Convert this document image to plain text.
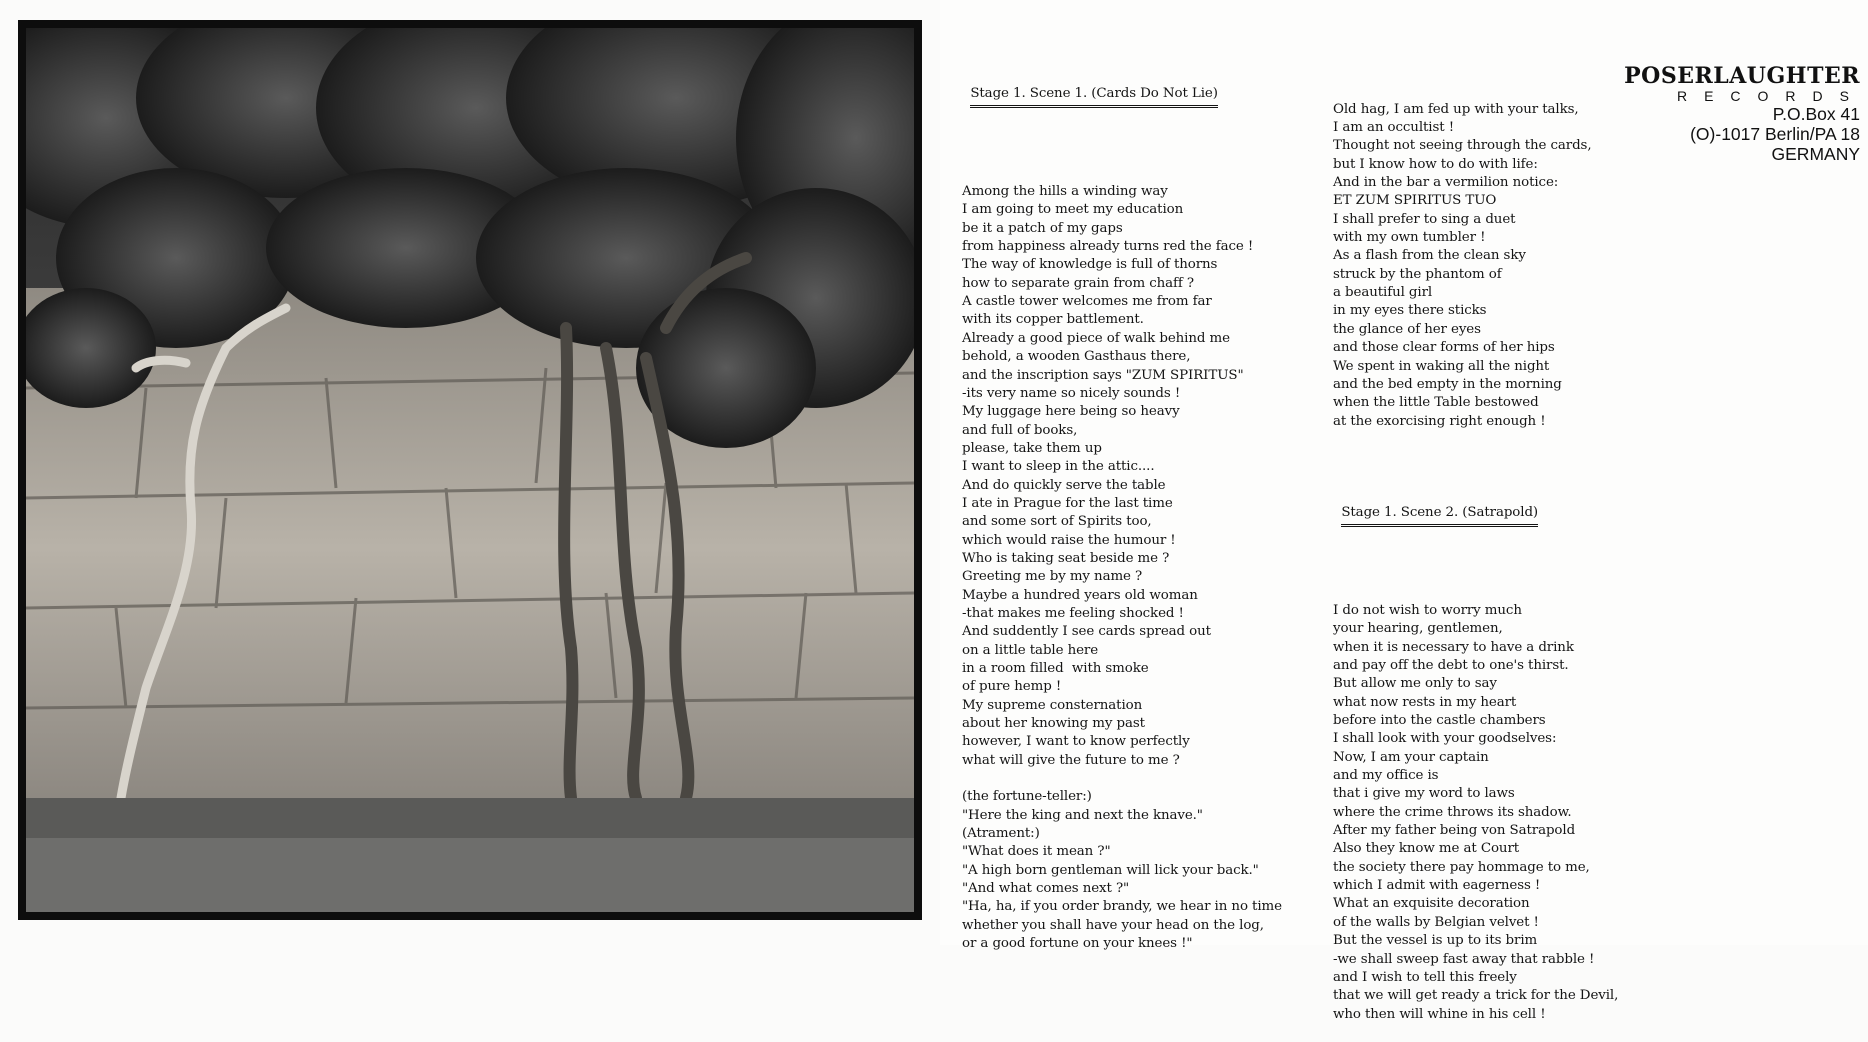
Stage 1. Scene 1. (Cards Do Not Lie)

Among the hills a winding way
I am going to meet my education
be it a patch of my gaps
from happiness already turns red the face !
The way of knowledge is full of thorns
how to separate grain from chaff ?
A castle tower welcomes me from far
with its copper battlement.
Already a good piece of walk behind me
behold, a wooden Gasthaus there,
and the inscription says "ZUM SPIRITUS"
-its very name so nicely sounds !
My luggage here being so heavy
and full of books,
please, take them up
I want to sleep in the attic....
And do quickly serve the table
I ate in Prague for the last time
and some sort of Spirits too,
which would raise the humour !
Who is taking seat beside me ?
Greeting me by my name ?
Maybe a hundred years old woman
-that makes me feeling shocked !
And suddently I see cards spread out
on a little table here
in a room filled  with smoke
of pure hemp !
My supreme consternation
about her knowing my past
however, I want to know perfectly
what will give the future to me ?
(the fortune-teller:)
"Here the king and next the knave."
(Atrament:)
"What does it mean ?"
"A high born gentleman will lick your back."
"And what comes next ?"
"Ha, ha, if you order brandy, we hear in no time
whether you shall have your head on the log,
or a good fortune on your knees !"

Old hag, I am fed up with your talks,
I am an occultist !
Thought not seeing through the cards,
but I know how to do with life:
And in the bar a vermilion notice:
ET ZUM SPIRITUS TUO
I shall prefer to sing a duet
with my own tumbler !
As a flash from the clean sky
struck by the phantom of
a beautiful girl
in my eyes there sticks
the glance of her eyes
and those clear forms of her hips
We spent in waking all the night
and the bed empty in the morning
when the little Table bestowed
at the exorcising right enough !

Stage 1. Scene 2. (Satrapold)

I do not wish to worry much
your hearing, gentlemen,
when it is necessary to have a drink
and pay off the debt to one's thirst.
But allow me only to say
what now rests in my heart
before into the castle chambers
I shall look with your goodselves:
Now, I am your captain
and my office is
that i give my word to laws
where the crime throws its shadow.
After my father being von Satrapold
Also they know me at Court
the society there pay hommage to me,
which I admit with eagerness !
What an exquisite decoration
of the walls by Belgian velvet !
But the vessel is up to its brim
-we shall sweep fast away that rabble !
and I wish to tell this freely
that we will get ready a trick for the Devil,
who then will whine in his cell !

POSERLAUGHTER
RECORDS
P.O.Box 41
(O)-1017 Berlin/PA 18
GERMANY
